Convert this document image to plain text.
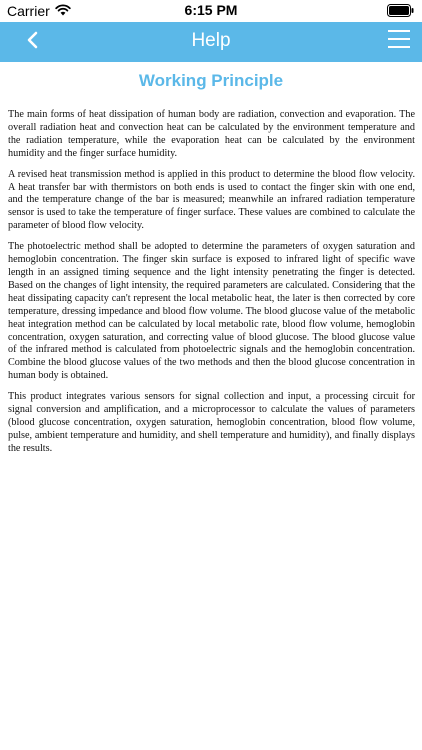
Carrier	6:15 PM
Help
Working Principle

The main forms of heat dissipation of human body are radiation, convection and evaporation. The overall radiation heat and convection heat can be calculated by the environment temperature and the radiation temperature, while the evaporation heat can be calculated by the environment humidity and the finger surface humidity.

A revised heat transmission method is applied in this product to determine the blood flow velocity. A heat transfer bar with thermistors on both ends is used to contact the finger skin with one end, and the temperature change of the bar is measured; meanwhile an infrared radiation temperature sensor is used to take the temperature of finger surface. These values are combined to calculate the parameter of blood flow velocity.

The photoelectric method shall be adopted to determine the parameters of oxygen saturation and hemoglobin concentration. The finger skin surface is exposed to infrared light of specific wave length in an assigned timing sequence and the light intensity penetrating the finger is detected. Based on the changes of light intensity, the required parameters are calculated. Considering that the heat dissipating capacity can't represent the local metabolic heat, the later is then corrected by core temperature, dressing impedance and blood flow volume. The blood glucose value of the metabolic heat integration method can be calculated by local metabolic rate, blood flow volume, hemoglobin concentration, oxygen saturation, and correcting value of blood glucose. The blood glucose value of the infrared method is calculated from photoelectric signals and the hemoglobin concentration. Combine the blood glucose values of the two methods and then the blood glucose concentration in human body is obtained.

This product integrates various sensors for signal collection and input, a processing circuit for signal conversion and amplification, and a microprocessor to calculate the values of parameters (blood glucose concentration, oxygen saturation, hemoglobin concentration, blood flow volume, pulse, ambient temperature and humidity, and shell temperature and humidity), and finally displays the results.
